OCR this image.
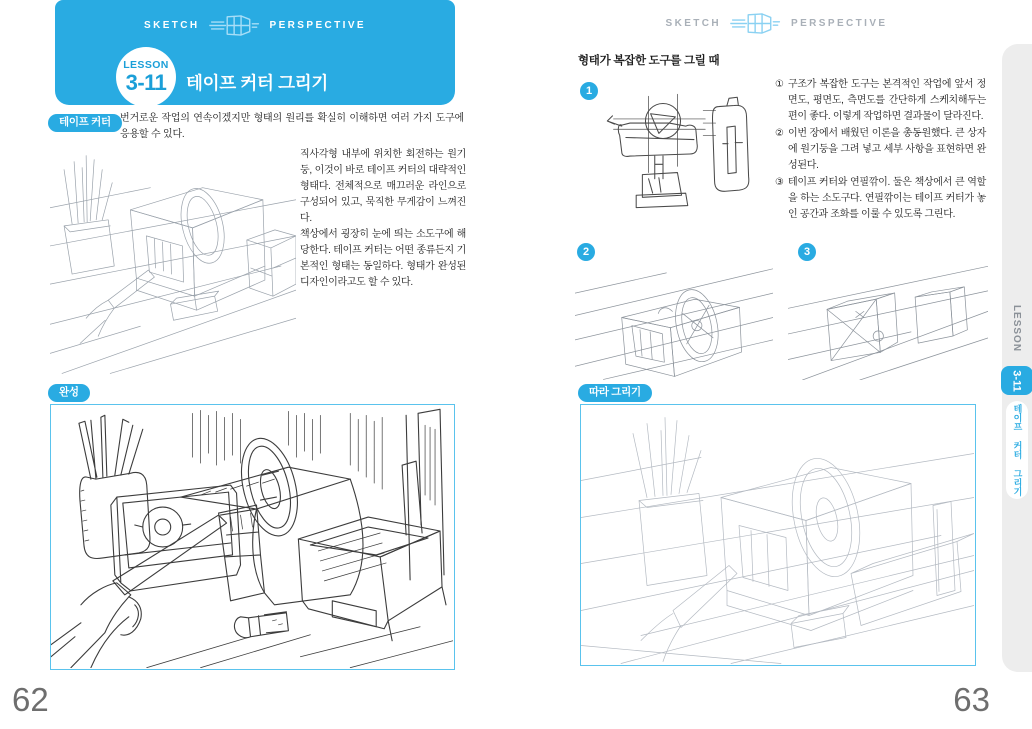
SKETCH	PERSPECTIVE
LESSON
3-11 테이프 커터 그리기
테이프 커터 번거로운 작업의 연속이겠지만 형태의 원리를 확실히 이해하면 여러 가지 도구에 응용할 수 있다.

직사각형 내부에 위치한 회전하는 원기둥, 이것이 바로 테이프 커터의 대략적인 형태다. 전체적으로 매끄러운 라인으로 구성되어 있고, 묵직한 무게감이 느껴진다.

책상에서 굉장히 눈에 띄는 소도구에 해당한다. 테이프 커터는 어떤 종류든지 기본적인 형태는 동일하다. 형태가 완성된 디자인이라고도 할 수 있다.

완성
62
SKETCH	PERSPECTIVE
형태가 복잡한 도구를 그릴 때
1
2	3
① 구조가 복잡한 도구는 본격적인 작업에 앞서 정면도, 평면도, 측면도를 간단하게 스케치해두는 편이 좋다. 이렇게 작업하면 결과물이 달라진다.
② 이번 장에서 배웠던 이론을 총동원했다. 큰 상자에 원기둥을 그려 넣고 세부 사항을 표현하면 완성된다.
③ 테이프 커터와 연필깎이. 둘은 책상에서 큰 역할을 하는 소도구다. 연필깎이는 테이프 커터가 놓인 공간과 조화를 이룰 수 있도록 그린다.
따라 그리기
LESSON
3-11
테이프 커터 그리기
63
